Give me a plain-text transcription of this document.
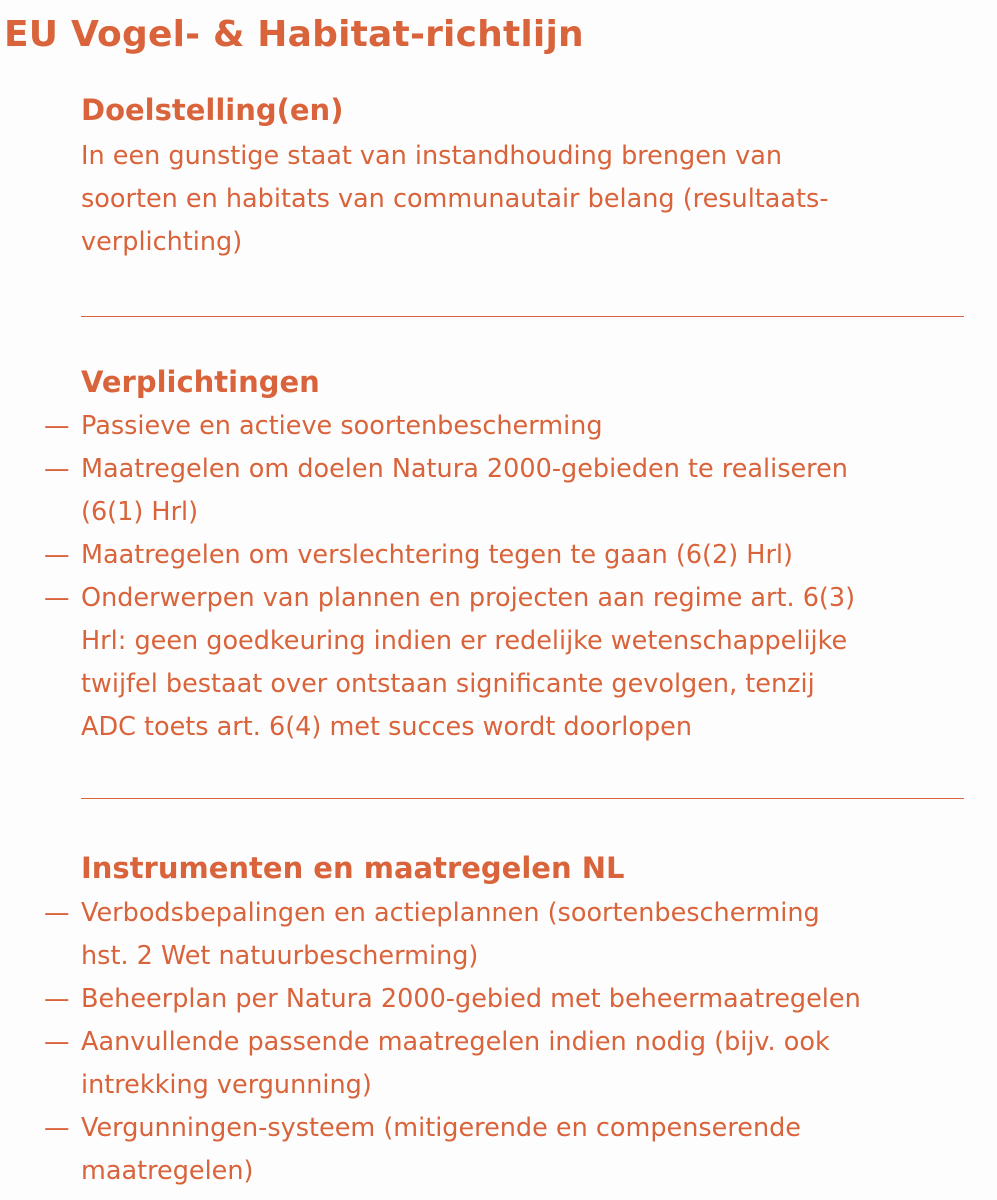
EU Vogel- & Habitat-richtlijn
Doelstelling(en)
In een gunstige staat van instandhouding brengen van
soorten en habitats van communautair belang (resultaats-
verplichting)
Verplichtingen
— Passieve en actieve soortenbescherming
— Maatregelen om doelen Natura 2000-gebieden te realiseren
(6(1) Hrl)
— Maatregelen om verslechtering tegen te gaan (6(2) Hrl)
— Onderwerpen van plannen en projecten aan regime art. 6(3)
Hrl: geen goedkeuring indien er redelijke wetenschappelijke
twijfel bestaat over ontstaan significante gevolgen, tenzij
ADC toets art. 6(4) met succes wordt doorlopen
Instrumenten en maatregelen NL
— Verbodsbepalingen en actieplannen (soortenbescherming
hst. 2 Wet natuurbescherming)
— Beheerplan per Natura 2000-gebied met beheermaatregelen
— Aanvullende passende maatregelen indien nodig (bijv. ook
intrekking vergunning)
— Vergunningen-systeem (mitigerende en compenserende
maatregelen)
